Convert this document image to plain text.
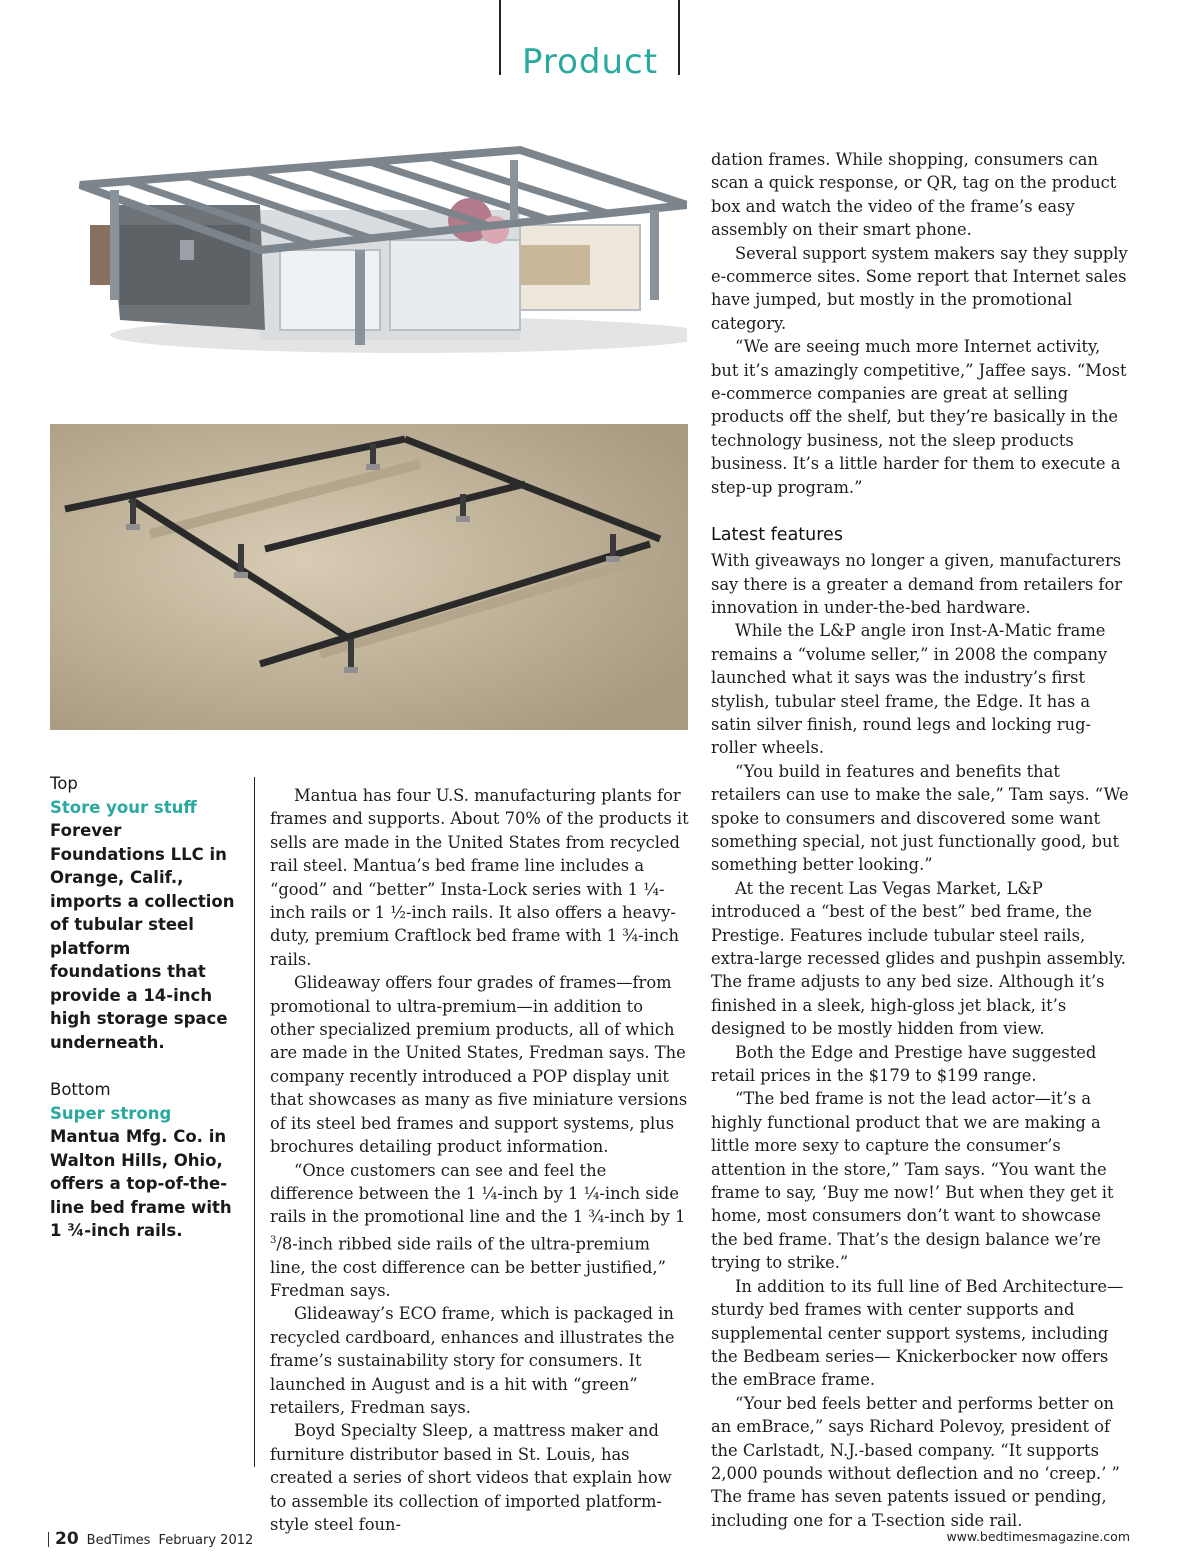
Product

Top

Store your stuff

Forever Foundations LLC in Orange, Calif., imports a collection of tubular steel platform foundations that provide a 14-inch high storage space underneath.

Bottom

Super strong Mantua Mfg. Co. in Walton Hills, Ohio, offers a top-of-the-line bed frame with 1 ¾-inch rails.

Mantua has four U.S. manufacturing plants for frames and supports. About 70% of the products it sells are made in the United States from recycled rail steel. Mantua’s bed frame line includes a “good” and “better” Insta-Lock series with 1 ¼-inch rails or 1 ½-inch rails. It also offers a heavy-duty, premium Craftlock bed frame with 1 ¾-inch rails.

Glideaway offers four grades of frames—from promotional to ultra-premium—in addition to other specialized premium products, all of which are made in the United States, Fredman says. The company recently introduced a POP display unit that showcases as many as five miniature versions of its steel bed frames and support systems, plus brochures detailing product information.

“Once customers can see and feel the difference between the 1 ¼-inch by 1 ¼-inch side rails in the promotional line and the 1 ¾-inch by 1 $^3$/8-inch ribbed side rails of the ultra-premium line, the cost difference can be better justified,” Fredman says.

Glideaway’s ECO frame, which is packaged in recycled cardboard, enhances and illustrates the frame’s sustainability story for consumers. It launched in August and is a hit with “green” retailers, Fredman says.

Boyd Specialty Sleep, a mattress maker and furniture distributor based in St. Louis, has created a series of short videos that explain how to assemble its collection of imported platform-style steel foun-

dation frames. While shopping, consumers can scan a quick response, or QR, tag on the product box and watch the video of the frame’s easy assembly on their smart phone.

Several support system makers say they supply e-commerce sites. Some report that Internet sales have jumped, but mostly in the promotional category.

“We are seeing much more Internet activity, but it’s amazingly competitive,” Jaffee says. “Most e-commerce companies are great at selling products off the shelf, but they’re basically in the technology business, not the sleep products business. It’s a little harder for them to execute a step-up program.”

Latest features

With giveaways no longer a given, manufacturers say there is a greater a demand from retailers for innovation in under-the-bed hardware.

While the L&P angle iron Inst-A-Matic frame remains a “volume seller,” in 2008 the company launched what it says was the industry’s first stylish, tubular steel frame, the Edge. It has a satin silver finish, round legs and locking rug-roller wheels.

“You build in features and benefits that retailers can use to make the sale,” Tam says. “We spoke to consumers and discovered some want something special, not just functionally good, but something better looking.”

At the recent Las Vegas Market, L&P introduced a “best of the best” bed frame, the Prestige. Features include tubular steel rails, extra-large recessed glides and pushpin assembly. The frame adjusts to any bed size. Although it’s finished in a sleek, high-gloss jet black, it’s designed to be mostly hidden from view.

Both the Edge and Prestige have suggested retail prices in the $179 to $199 range.

“The bed frame is not the lead actor—it’s a highly functional product that we are making a little more sexy to capture the consumer’s attention in the store,” Tam says. “You want the frame to say, ‘Buy me now!’ But when they get it home, most consumers don’t want to showcase the bed frame. That’s the design balance we’re trying to strike.”

In addition to its full line of Bed Architecture—sturdy bed frames with center supports and supplemental center support systems, including the Bedbeam series— Knickerbocker now offers the emBrace frame.

“Your bed feels better and performs better on an emBrace,” says Richard Polevoy, president of the Carlstadt, N.J.-based company. “It supports 2,000 pounds without deflection and no ‘creep.’ ” The frame has seven patents issued or pending, including one for a T-section side rail.

20 BedTimes February 2012	www.bedtimesmagazine.com
